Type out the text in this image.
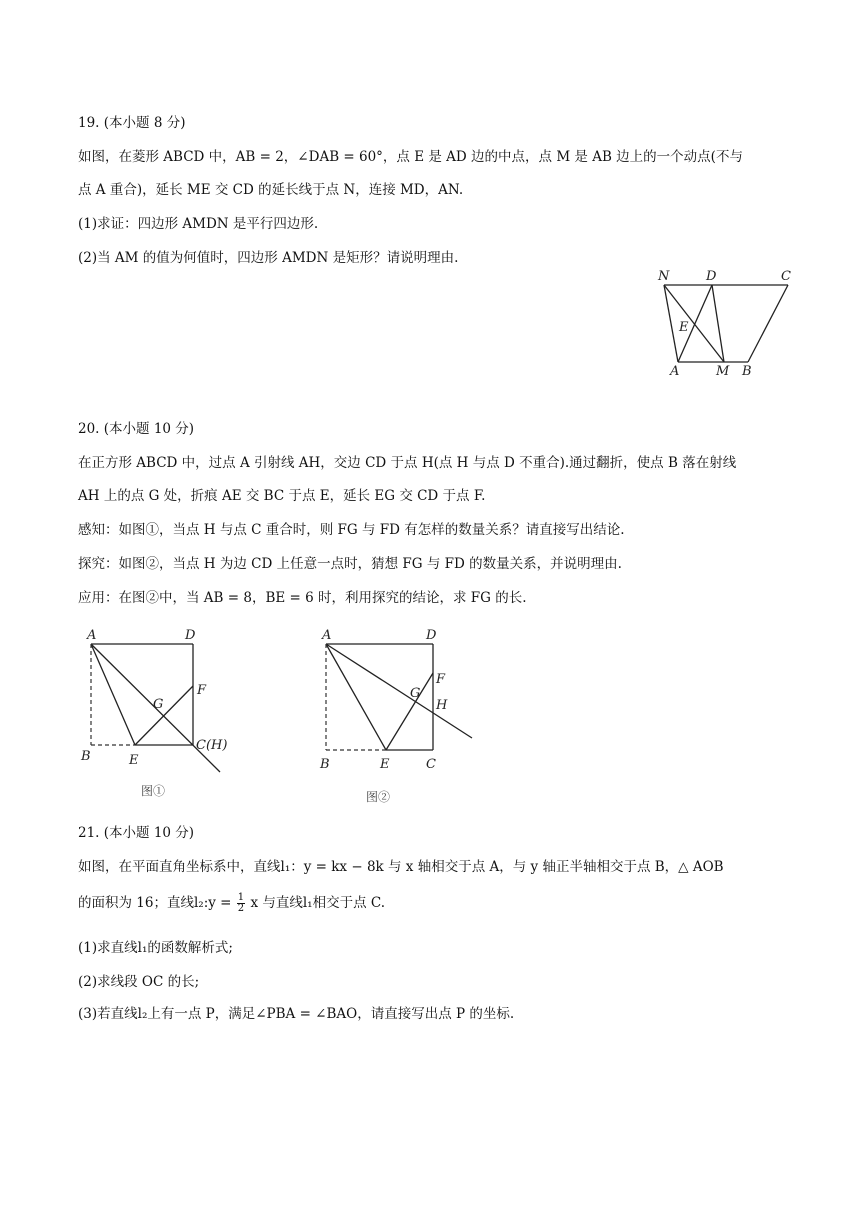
19. (本小题 8 分)
如图，在菱形 ABCD 中，AB = 2，∠DAB = 60°，点 E 是 AD 边的中点，点 M 是 AB 边上的一个动点(不与
点 A 重合)，延长 ME 交 CD 的延长线于点 N，连接 MD，AN.
(1)求证：四边形 AMDN 是平行四边形.
(2)当 AM 的值为何值时，四边形 AMDN 是矩形？请说明理由.
N	D	C
E
A	M B
20. (本小题 10 分)
在正方形 ABCD 中，过点 A 引射线 AH，交边 CD 于点 H(点 H 与点 D 不重合).通过翻折，使点 B 落在射线
AH 上的点 G 处，折痕 AE 交 BC 于点 E，延长 EG 交 CD 于点 F.
感知：如图①，当点 H 与点 C 重合时，则 FG 与 FD 有怎样的数量关系？请直接写出结论.
探究：如图②，当点 H 为边 CD 上任意一点时，猜想 FG 与 FD 的数量关系，并说明理由.
应用：在图②中，当 AB = 8，BE = 6 时，利用探究的结论，求 FG 的长.
A	D
F
G
B	E
C(H)
图①
A	D
F
G
H
B	E	C
图②
21. (本小题 10 分)
如图，在平面直角坐标系中，直线l₁：y = kx − 8k 与 x 轴相交于点 A，与 y 轴正半轴相交于点 B，△ AOB
的面积为 16；直线l₂:y = $\frac{1}{2}$ x 与直线l₁相交于点 C.
(1)求直线l₁的函数解析式;
(2)求线段 OC 的长;
(3)若直线l₂上有一点 P，满足∠PBA = ∠BAO，请直接写出点 P 的坐标.
